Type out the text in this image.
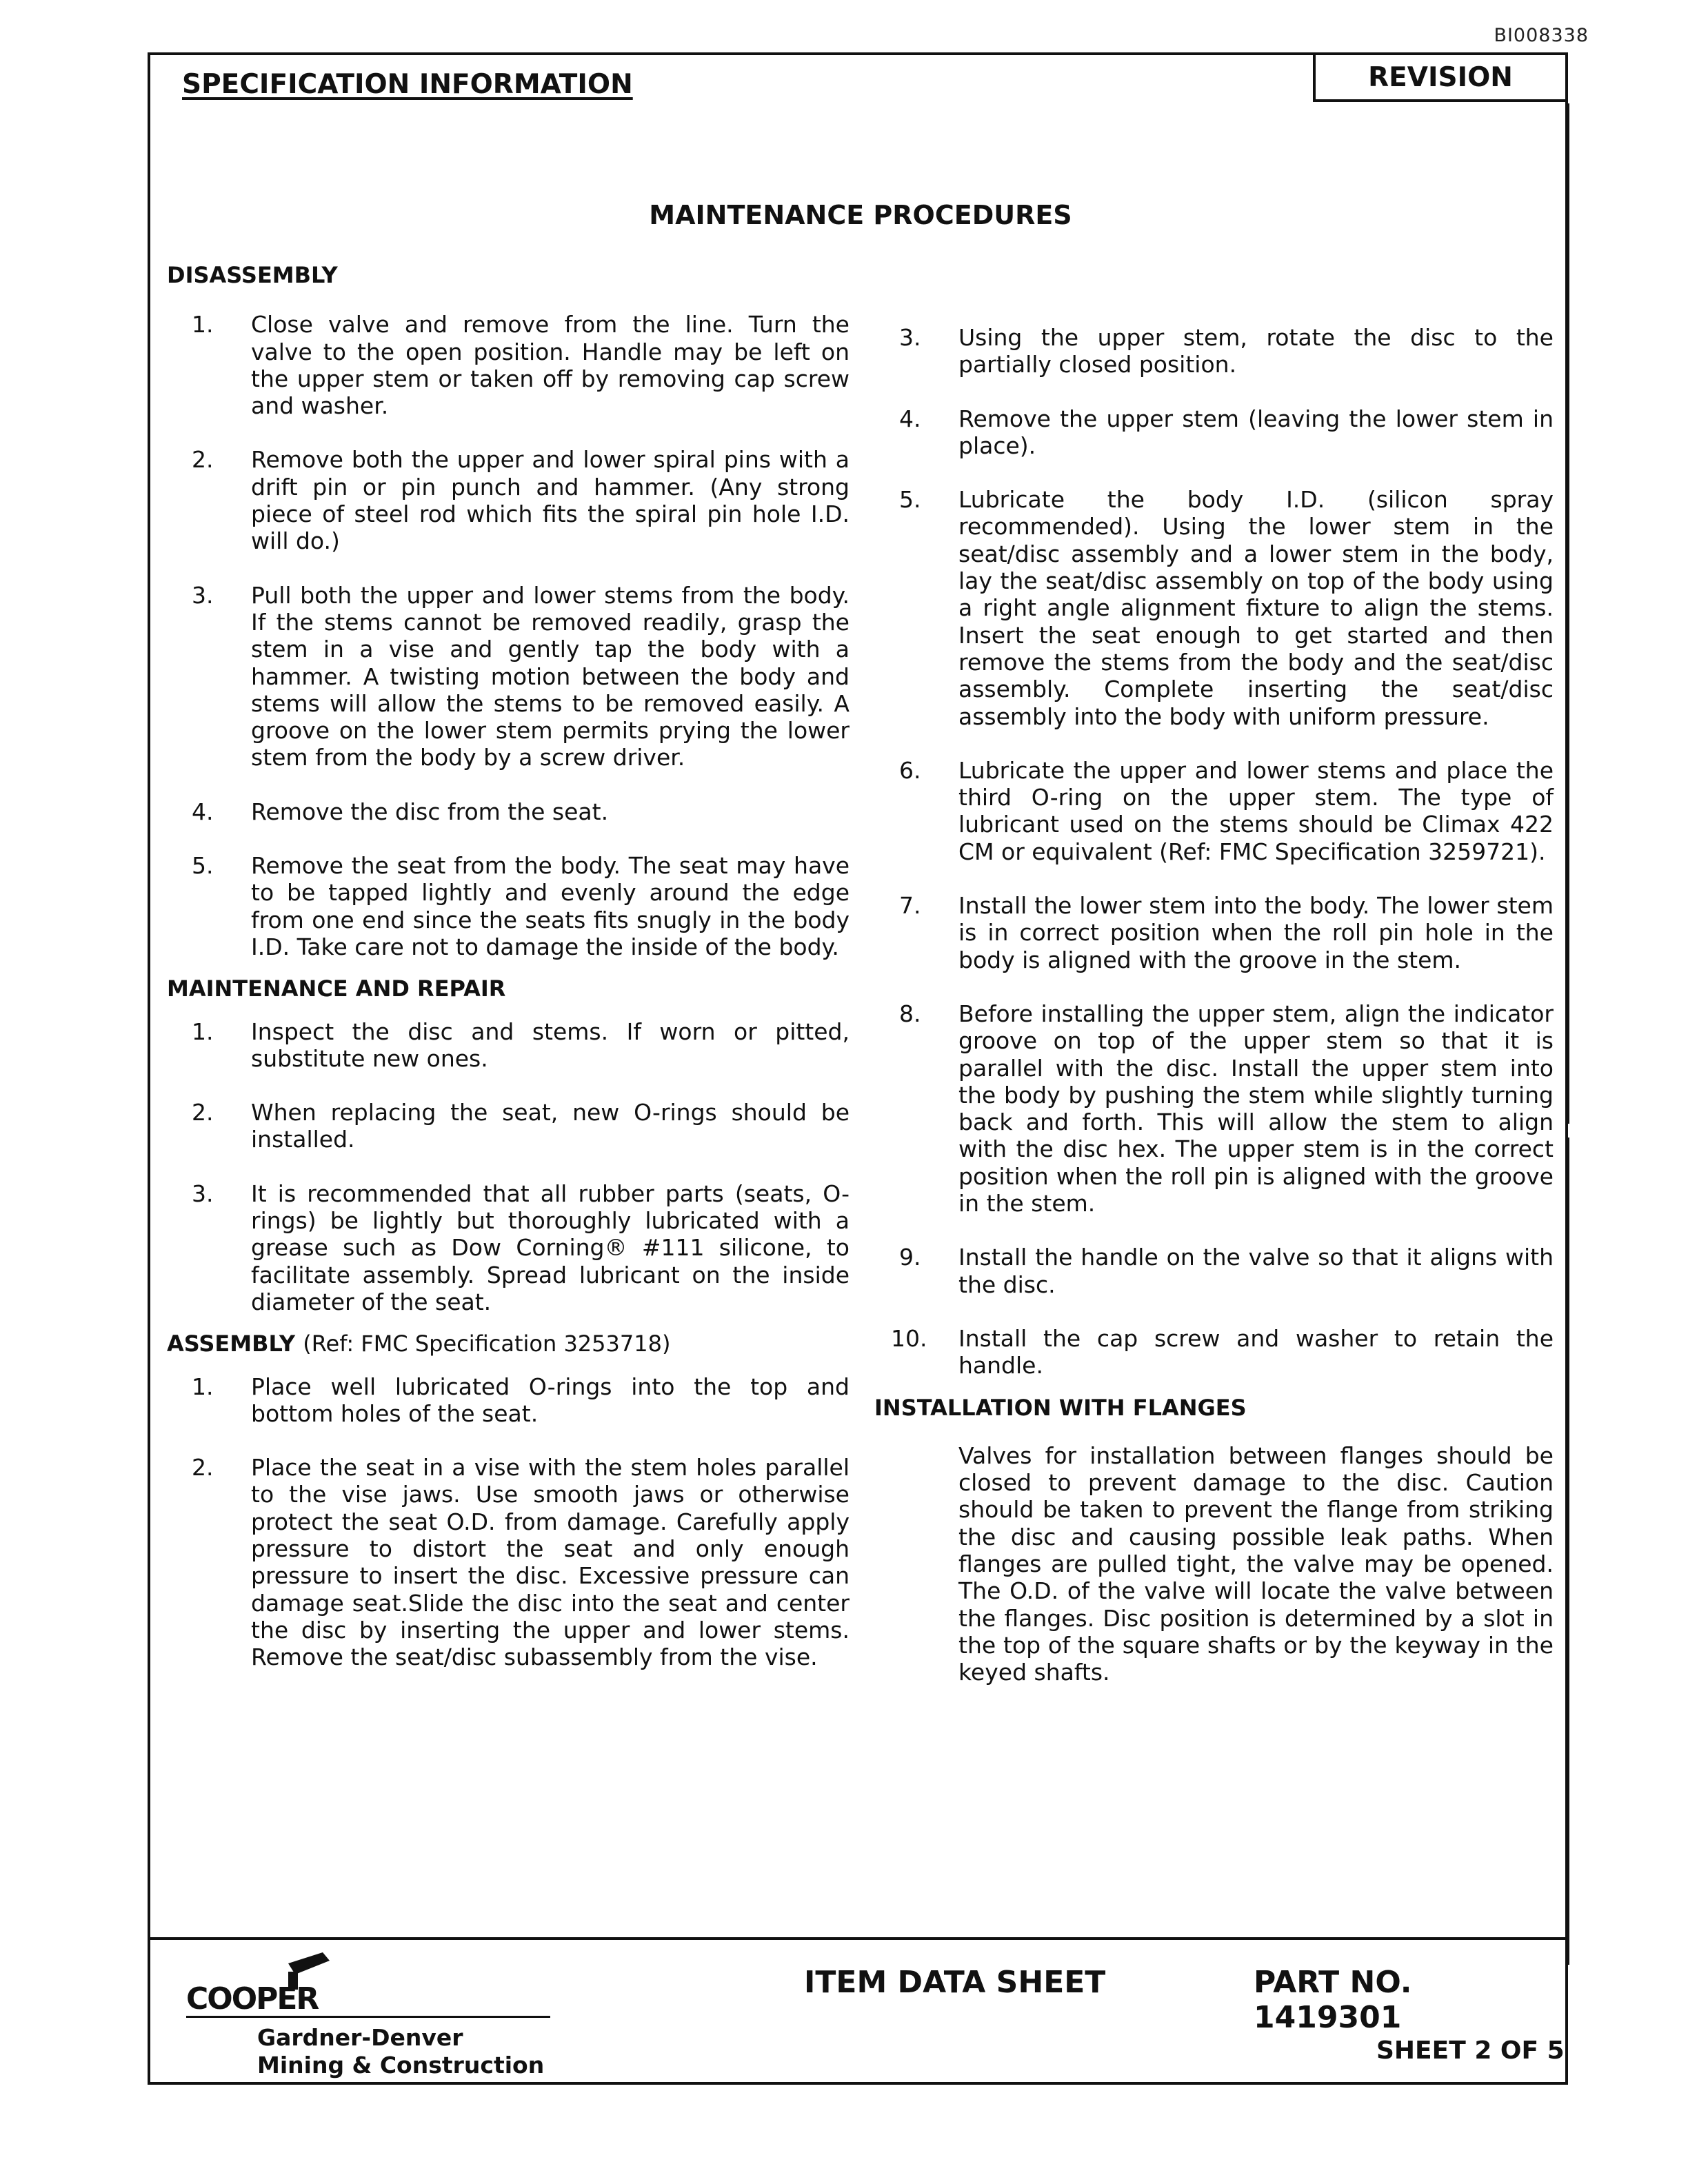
BI008338
SPECIFICATION INFORMATION	REVISION
MAINTENANCE PROCEDURES
DISASSEMBLY
1. Close valve and remove from the line. Turn the valve to the open position. Handle may be left on the upper stem or taken off by removing cap screw and washer.
2. Remove both the upper and lower spiral pins with a drift pin or pin punch and hammer. (Any strong piece of steel rod which fits the spiral pin hole I.D. will do.)
3. Pull both the upper and lower stems from the body. If the stems cannot be removed readily, grasp the stem in a vise and gently tap the body with a hammer. A twisting motion between the body and stems will allow the stems to be removed easily. A groove on the lower stem permits prying the lower stem from the body by a screw driver.
4. Remove the disc from the seat.
5. Remove the seat from the body. The seat may have to be tapped lightly and evenly around the edge from one end since the seats fits snugly in the body I.D. Take care not to damage the inside of the body.
MAINTENANCE AND REPAIR
1. Inspect the disc and stems. If worn or pitted, substitute new ones.
2. When replacing the seat, new O-rings should be installed.
3. It is recommended that all rubber parts (seats, O-rings) be lightly but thoroughly lubricated with a grease such as Dow Corning® #111 silicone, to facilitate assembly. Spread lubricant on the inside diameter of the seat.
ASSEMBLY (Ref: FMC Specification 3253718)
1. Place well lubricated O-rings into the top and bottom holes of the seat.
2. Place the seat in a vise with the stem holes parallel to the vise jaws. Use smooth jaws or otherwise protect the seat O.D. from damage. Carefully apply pressure to distort the seat and only enough pressure to insert the disc. Excessive pressure can damage seat.Slide the disc into the seat and center the disc by inserting the upper and lower stems. Remove the seat/disc subassembly from the vise.
3. Using the upper stem, rotate the disc to the partially closed position.
4. Remove the upper stem (leaving the lower stem in place).
5. Lubricate the body I.D. (silicon spray recommended). Using the lower stem in the seat/disc assembly and a lower stem in the body, lay the seat/disc assembly on top of the body using a right angle alignment fixture to align the stems. Insert the seat enough to get started and then remove the stems from the body and the seat/disc assembly. Complete inserting the seat/disc assembly into the body with uniform pressure.
6. Lubricate the upper and lower stems and place the third O-ring on the upper stem. The type of lubricant used on the stems should be Climax 422 CM or equivalent (Ref: FMC Specification 3259721).
7. Install the lower stem into the body. The lower stem is in correct position when the roll pin hole in the body is aligned with the groove in the stem.
8. Before installing the upper stem, align the indicator groove on top of the upper stem so that it is parallel with the disc. Install the upper stem into the body by pushing the stem while slightly turning back and forth. This will allow the stem to align with the disc hex. The upper stem is in the correct position when the roll pin is aligned with the groove in the stem.
9. Install the handle on the valve so that it aligns with the disc.
10. Install the cap screw and washer to retain the handle.
INSTALLATION WITH FLANGES
Valves for installation between flanges should be closed to prevent damage to the disc. Caution should be taken to prevent the flange from striking the disc and causing possible leak paths. When flanges are pulled tight, the valve may be opened. The O.D. of the valve will locate the valve between the flanges. Disc position is determined by a slot in the top of the square shafts or by the keyway in the keyed shafts.
COOPER
Gardner-Denver
Mining & Construction
ITEM DATA SHEET	PART NO. 1419301
SHEET 2 OF 5
